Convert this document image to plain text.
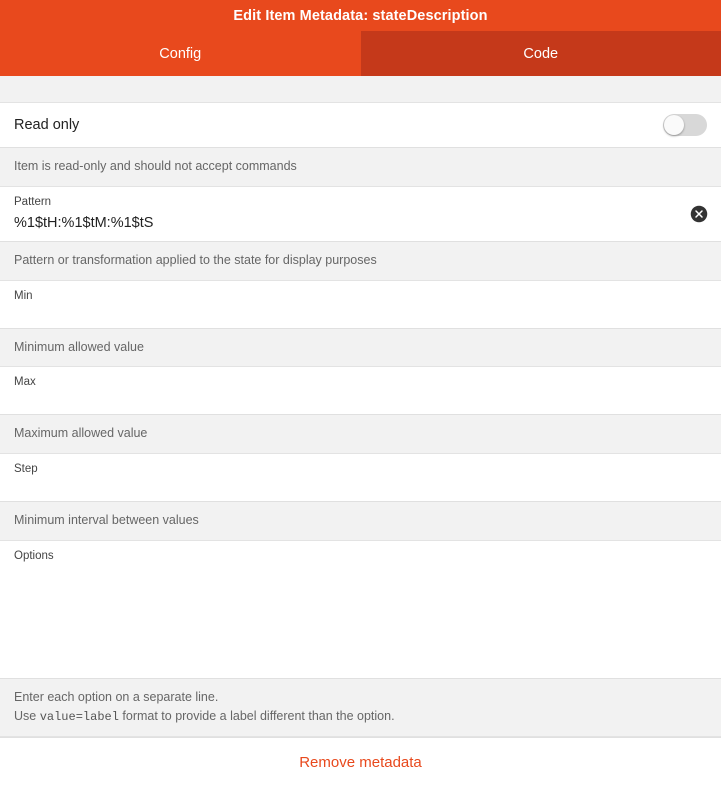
Edit Item Metadata: stateDescription
Config	Code
Read only
Item is read-only and should not accept commands
Pattern
%1$tH:%1$tM:%1$tS
Pattern or transformation applied to the state for display purposes
Min
Minimum allowed value
Max
Maximum allowed value
Step
Minimum interval between values
Options
Enter each option on a separate line.
Use value=label format to provide a label different than the option.
Remove metadata
